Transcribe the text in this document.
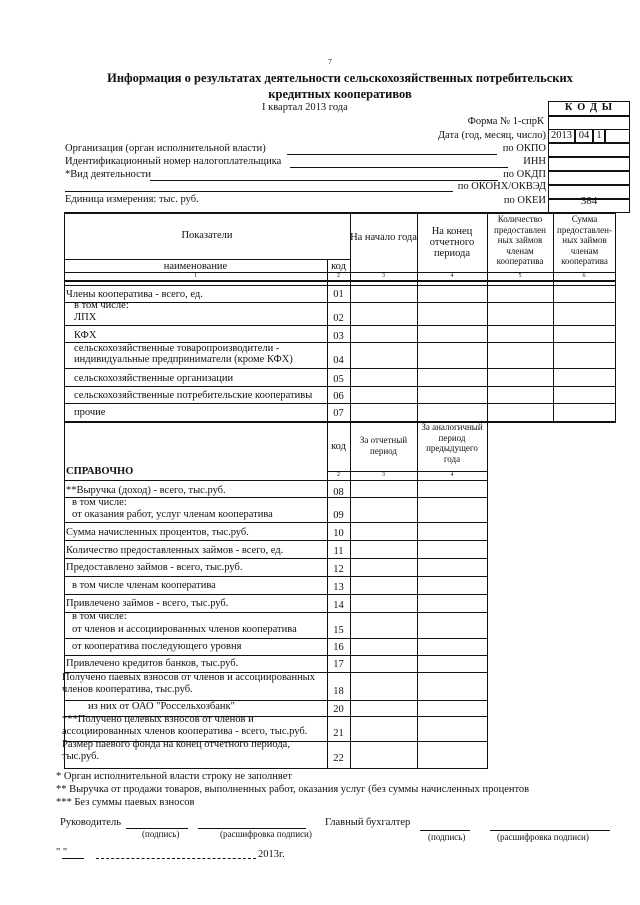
7
Информация о результатах деятельности сельскохозяйственных потребительских кредитных кооперативов
I квартал 2013 года	К О Д Ы
Форма № 1-спрК
Дата (год, месяц, число) 2013 04 1
Организация (орган исполнительной власти)	по ОКПО
Идентификационный номер налогоплательщика	ИНН
*Вид деятельности	по ОКДП
по ОКОНХ/ОКВЭД
Единица измерения: тыс. руб.	по ОКЕИ	384
Показатели
наименование	код
На начало года
На конец отчетного периода
Количество предоставлен ных займов членам кооператива
Сумма предоставлен-ных займов членам кооператива
1	2	3	4	5	6
Члены кооператива - всего, ед.	01
в том числе:
ЛПХ	02
КФХ	03
сельскохозяйственные товаропроизводители - индивидуальные предприниматели (кроме КФХ)	04
сельскохозяйственные организации	05
сельскохозяйственные потребительские кооперативы	06
прочие	07
СПРАВОЧНО
код
За отчетный период
За аналогичный период предыдущего года
2	3	4
**Выручка (доход) - всего, тыс.руб.	08
в том числе:
от оказания работ, услуг членам кооператива	09
Сумма начисленных процентов, тыс.руб.	10
Количество предоставленных займов - всего, ед.	11
Предоставлено займов - всего, тыс.руб.	12
в том числе членам кооператива	13
Привлечено займов - всего, тыс.руб.	14
в том числе:
от членов и ассоциированных членов кооператива	15
от кооператива последующего уровня	16
Привлечено кредитов банков, тыс.руб.	17
Получено паевых взносов от членов и ассоциированных членов кооператива, тыс.руб.	18
из них от ОАО "Россельхозбанк"	20
***Получено целевых взносов от членов и ассоциированных членов кооператива - всего, тыс.руб.	21
Размер паевого фонда на конец отчетного периода, тыс.руб.	22
* Орган исполнительной власти строку не заполняет
** Выручка от продажи товаров, выполненных работ, оказания услуг (без суммы начисленных процентов
*** Без суммы паевых взносов
Руководитель
(подпись)	(расшифровка подписи)
Главный бухгалтер
(подпись)	(расшифровка подписи)
" "	2013г.
